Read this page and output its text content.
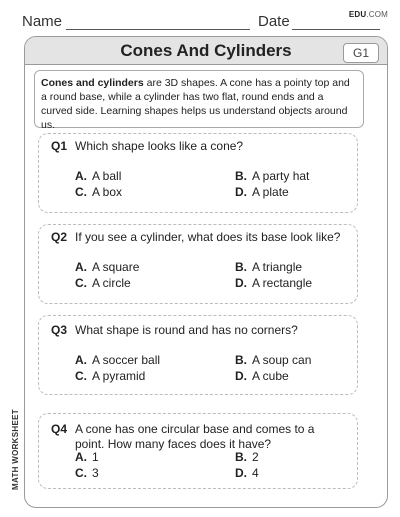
Name	Date	EDU.COM
Cones And Cylinders	G1
MATH WORKSHEET
Cones and cylinders are 3D shapes. A cone has a pointy top and a round base, while a cylinder has two flat, round ends and a curved side. Learning shapes helps us understand objects around us.
Q1 Which shape looks like a cone?
A. A ball	B. A party hat
C. A box	D. A plate
Q2 If you see a cylinder, what does its base look like?
A. A square	B. A triangle
C. A circle	D. A rectangle
Q3 What shape is round and has no corners?
A. A soccer ball	B. A soup can
C. A pyramid	D. A cube
Q4 A cone has one circular base and comes to a point. How many faces does it have?
A. 1	B. 2
C. 3	D. 4
